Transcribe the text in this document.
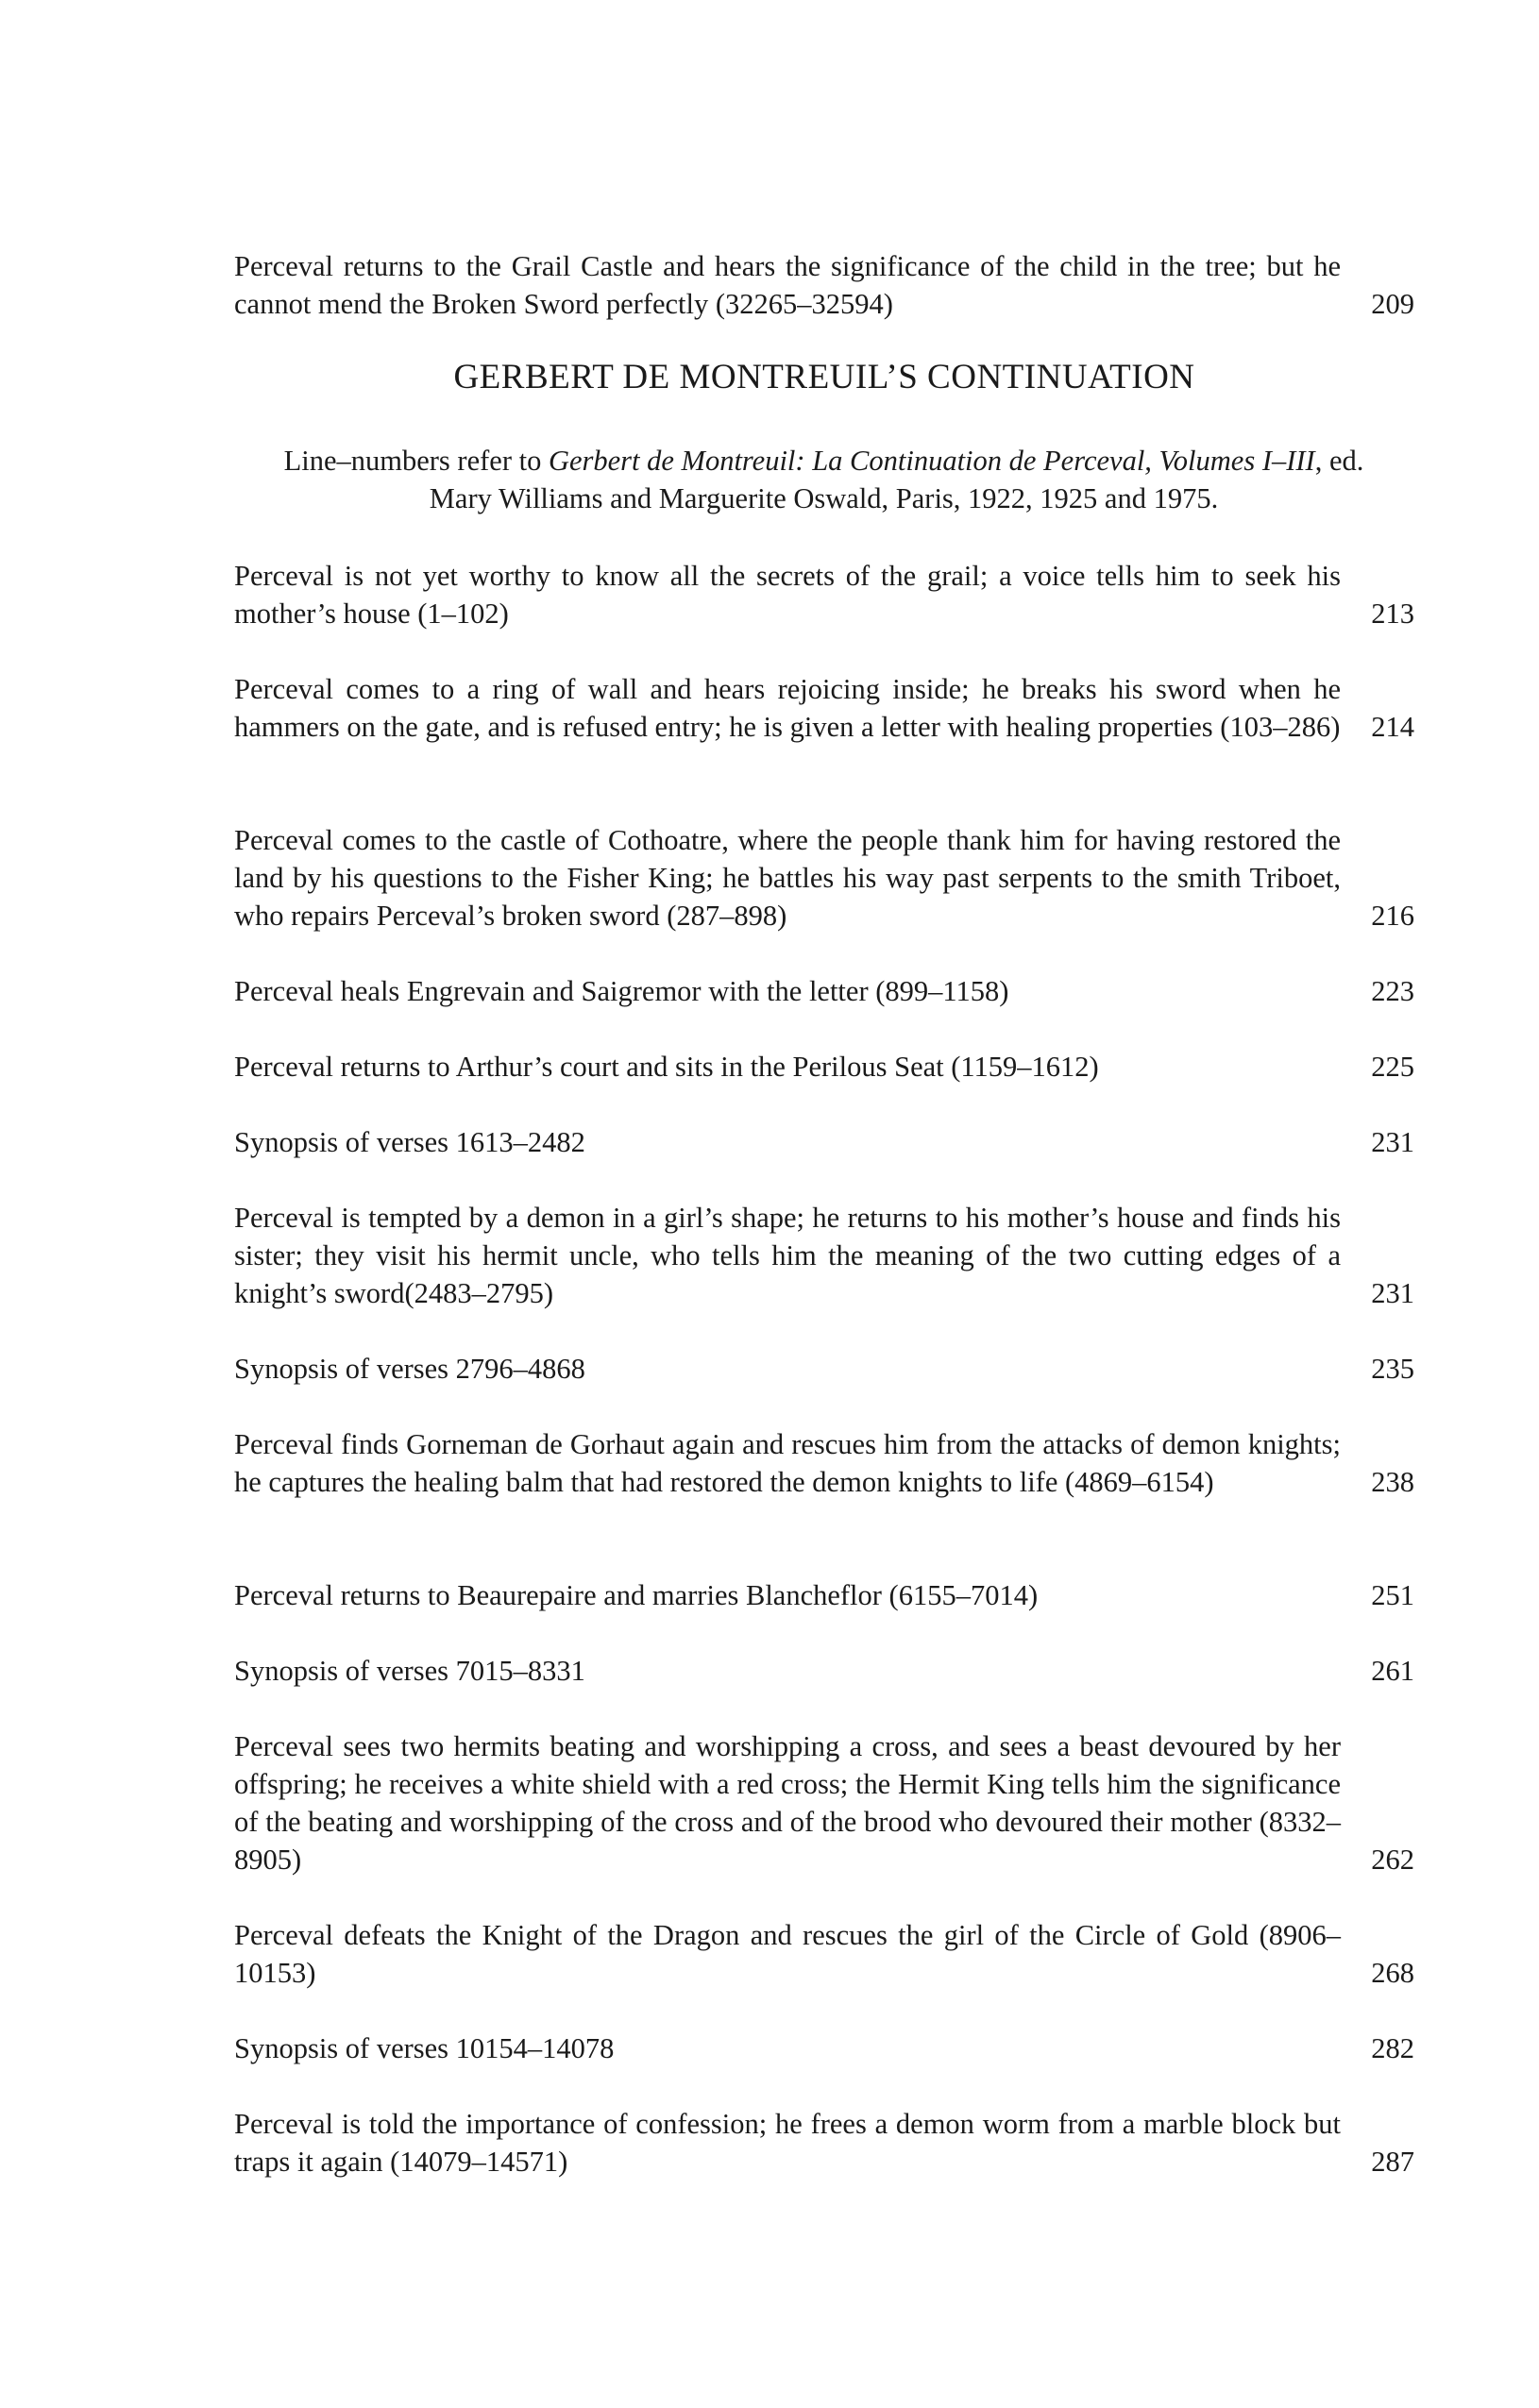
Perceval returns to the Grail Castle and hears the significance of the child in the tree; but he cannot mend the Broken Sword perfectly (32265–32594)	209
GERBERT DE MONTREUIL’S CONTINUATION
Line–numbers refer to Gerbert de Montreuil: La Continuation de Perceval, Volumes I–III, ed. Mary Williams and Marguerite Oswald, Paris, 1922, 1925 and 1975.
Perceval is not yet worthy to know all the secrets of the grail; a voice tells him to seek his mother’s house (1–102)	213
Perceval comes to a ring of wall and hears rejoicing inside; he breaks his sword when he hammers on the gate, and is refused entry; he is given a letter with healing properties (103–286)	214
Perceval comes to the castle of Cothoatre, where the people thank him for having restored the land by his questions to the Fisher King; he battles his way past serpents to the smith Triboet, who repairs Perceval’s broken sword (287–898)	216
Perceval heals Engrevain and Saigremor with the letter (899–1158)	223
Perceval returns to Arthur’s court and sits in the Perilous Seat (1159–1612)	225
Synopsis of verses 1613–2482	231
Perceval is tempted by a demon in a girl’s shape; he returns to his mother’s house and finds his sister; they visit his hermit uncle, who tells him the meaning of the two cutting edges of a knight’s sword(2483–2795)	231
Synopsis of verses 2796–4868	235
Perceval finds Gorneman de Gorhaut again and rescues him from the attacks of demon knights; he captures the healing balm that had restored the demon knights to life (4869–6154)	238
Perceval returns to Beaurepaire and marries Blancheflor (6155–7014)	251
Synopsis of verses 7015–8331	261
Perceval sees two hermits beating and worshipping a cross, and sees a beast devoured by her offspring; he receives a white shield with a red cross; the Hermit King tells him the significance of the beating and worshipping of the cross and of the brood who devoured their mother (8332–8905)	262
Perceval defeats the Knight of the Dragon and rescues the girl of the Circle of Gold (8906–10153)	268
Synopsis of verses 10154–14078	282
Perceval is told the importance of confession; he frees a demon worm from a marble block but traps it again (14079–14571)	287
